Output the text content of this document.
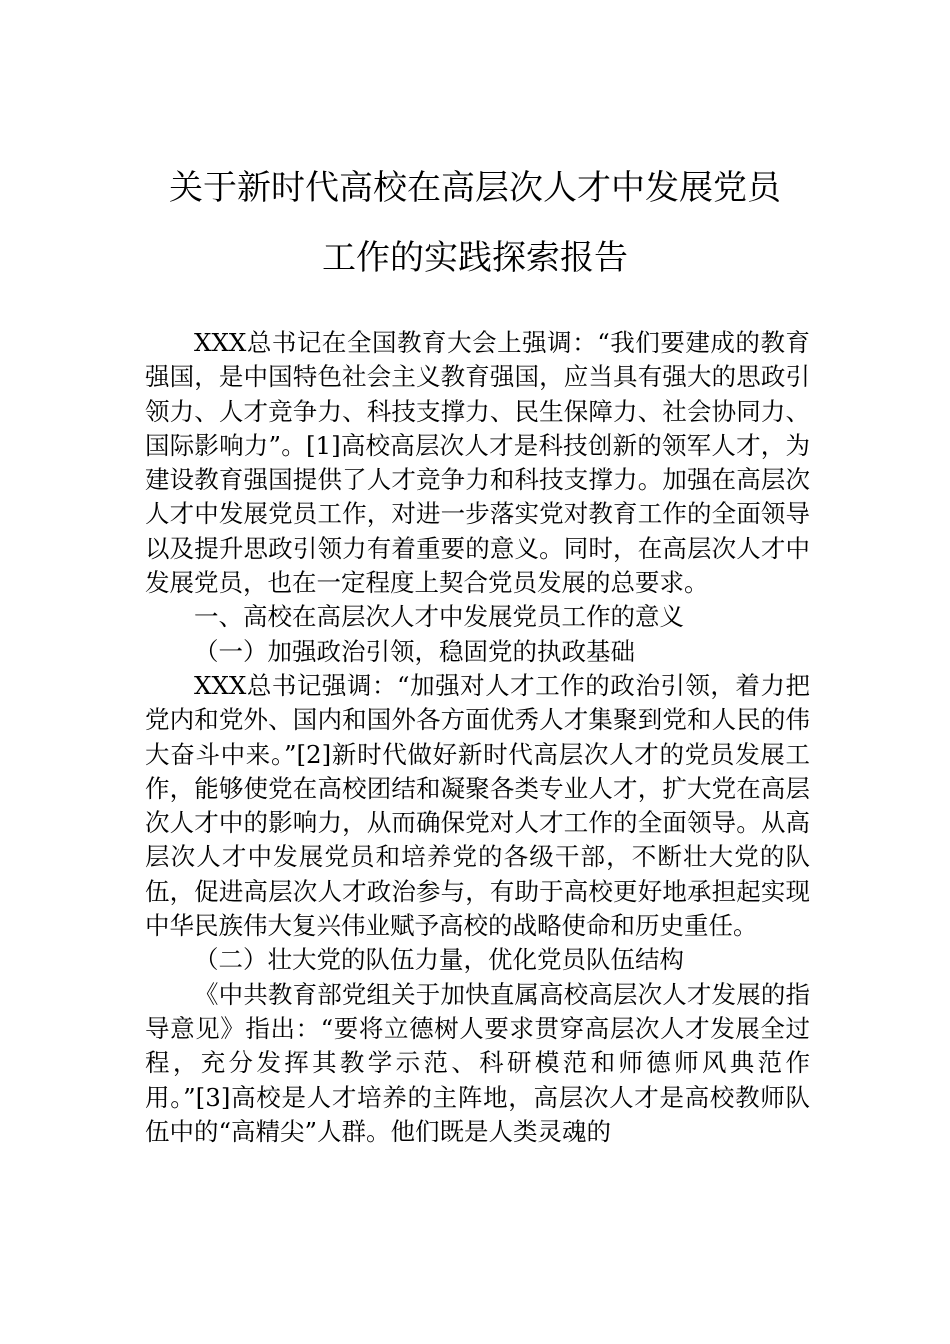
关于新时代高校在高层次人才中发展党员
工作的实践探索报告

XXX总书记在全国教育大会上强调：“我们要建成的教育强国，是中国特色社会主义教育强国，应当具有强大的思政引领力、人才竞争力、科技支撑力、民生保障力、社会协同力、国际影响力”。[1]高校高层次人才是科技创新的领军人才，为建设教育强国提供了人才竞争力和科技支撑力。加强在高层次人才中发展党员工作，对进一步落实党对教育工作的全面领导以及提升思政引领力有着重要的意义。同时，在高层次人才中发展党员，也在一定程度上契合党员发展的总要求。

一、高校在高层次人才中发展党员工作的意义

（一）加强政治引领，稳固党的执政基础

XXX总书记强调：“加强对人才工作的政治引领，着力把党内和党外、国内和国外各方面优秀人才集聚到党和人民的伟大奋斗中来。”[2]新时代做好新时代高层次人才的党员发展工作，能够使党在高校团结和凝聚各类专业人才，扩大党在高层次人才中的影响力，从而确保党对人才工作的全面领导。从高层次人才中发展党员和培养党的各级干部，不断壮大党的队伍，促进高层次人才政治参与，有助于高校更好地承担起实现中华民族伟大复兴伟业赋予高校的战略使命和历史重任。

（二）壮大党的队伍力量，优化党员队伍结构

《中共教育部党组关于加快直属高校高层次人才发展的指导意见》指出：“要将立德树人要求贯穿高层次人才发展全过程，充分发挥其教学示范、科研模范和师德师风典范作用。”[3]高校是人才培养的主阵地，高层次人才是高校教师队伍中的“高精尖”人群。他们既是人类灵魂的
